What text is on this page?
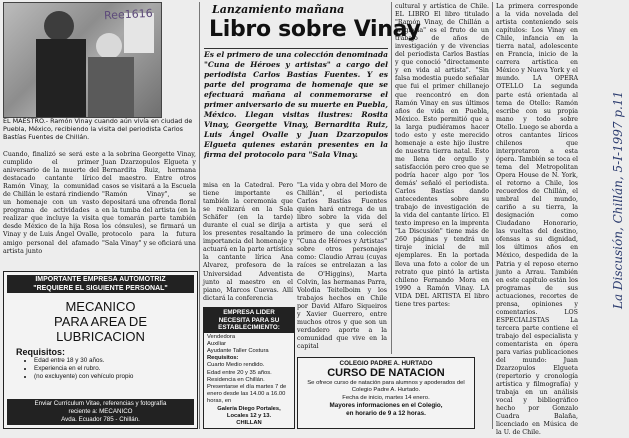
Ree1616
EL MAESTRO.- Ramón Vinay cuando aún vivía en ciudad de Puebla, México, recibiendo la visita del periodista Carlos Bastías Fuentes de Chillán.
Cuando, finalizó se será este cumplido el primer aniversario de la muerte del destacado cantante lírico Ramón Vinay, la comunidad de Chillán le estará rindiendo un homenaje con un vasto programa de actividades a realizar que incluye la visita desde México de la hija Rosa Vinay y de Luis Ángel Ovalle, amigo personal del afamado artista junto
a la sobrina Georgette Vinay, Juan Dzarzopulos Elgueta y Bernardita Ruiz, hermana del maestro. Entre otros casos se visitará a la Escuela "Ramón Vinay", se depositará una ofrenda floral en la tumba del artista (en la que tomarán parte también los cónsules), se firmará un protocolo para la futura "Sala Vinay" y se oficiará una
IMPORTANTE EMPRESA AUTOMOTRIZ
"REQUIERE EL SIGUIENTE PERSONAL"
MECANICO
PARA AREA DE
LUBRICACION
Requisitos:
• Edad entre 18 y 30 años.
• Experiencia en el rubro.
• (no excluyente) con vehículo propio
Enviar Currículum Vitae, referencias y fotografía
reciente a: MECANICO
Avda. Ecuador 785 - Chillán.
Lanzamiento mañana
Libro sobre Vinay
Es el primero de una colección denominada "Cuna de Héroes y artistas" a cargo del periodista Carlos Bastías Fuentes. Y es parte del programa de homenaje que se efectuará mañana al conmemorarse el primer aniversario de su muerte en Puebla, México. Llegan visitas ilustres: Rosita Vinay, Georgette Vinay, Bernardita Ruiz, Luis Ángel Ovalle y Juan Dzarzopulos Elgueta quienes estarán presentes en la firma del protocolo para "Sala Vinay.
misa en la Catedral. Pero tiene importante es también la ceremonia que se realizará en la Sala Schäfer (en la tarde) durante el cual se dirija a los presentes resaltando la importancia del homenaje y actuará en la parte artística la cantante lírica Ana Alvarez, profesora de la Universidad Adventista junto al maestro en el piano, Marcos Cuevas. Allí dictará la conferencia
"La vida y obra del Moro de Chillán", el periodista Carlos Bastías Fuentes quien hará entrega de un libro sobre la vida del artista y que será el primero de una colección "Cuna de Héroes y Artistas" sobre otros personajes como: Claudio Arrau (cuyas raíces se entrelazan a las de O'Higgins), Marta Colvin, las hermanas Parra, Volodia Teitelboim y los trabajos hechos en Chile por David Alfaro Siqueiros y Xavier Guerrero, entre muchos otros y que son un verdadero aporte a la comunidad que vive en la capital
EMPRESA LIDER
NECESITA PARA SU
ESTABLECIMIENTO:
Vendedora
Auxiliar
Ayudante Taller Costura
Requisitos:
Cuarto Medio rendido.
Edad entre 20 y 35 años.
Residencia en Chillán.
Presentarse el día martes 7 de enero desde las 14.00 a 16.00 horas, en
Galería Diego Portales,
Locales 12 y 13.
CHILLAN
COLEGIO PADRE A. HURTADO
CURSO DE NATACION
Se ofrece curso de natación para alumnos y apoderados del Colegio Padre A. Hurtado.
Fecha de inicio, martes 14 enero.
Mayores informaciones en el Colegio,
en horario de 9 a 12 horas.
cultural y artística de Chile. EL LIBRO El libro titulado "Ramón Vinay, de Chillán a la gloria" es el fruto de un trabajo de años de investigación y de vivencias del periodista Carlos Bastías y que conoció "directamente y en vida al artista". "Sin falsa modestia puedo señalar que fui el primer chillanejo que reencontró en don Ramón Vinay en sus últimos años de vida en Puebla, México. Esto permitió que a la larga pudiéramos hacer todo esto y este merecido homenaje a este hijo ilustre de nuestra tierra natal. Esto me llena de orgullo y satisfacción pero creo que se podría hacer algo por 'los demás' señaló el periodista. Carlos Bastías dando antecedentes sobre su trabajo de investigación de la vida del cantante lírico. El texto impreso en la imprenta "La Discusión" tiene más de 260 páginas y tendrá un tiraje inicial de mil ejemplares. En la portada lleva una foto a color de un retrato que pintó la artista chileno Fernando Mora en 1990 a Ramón Vinay. LA VIDA DEL ARTISTA El libro tiene tres partes:
La primera corresponde a la vida novelada del artista conteniendo seis capítulos: Los Vinay en Chile, infancia en la tierra natal, adolescente en Francia, inicio de la carrera artística en México y Nueva York y el mundo. LA OPERA OTELLO La segunda parte está orientada al tema de Otello: Ramón escribe con su propia mano y todo sobre Otello. Luego se aborda a otros cantantes líricos chilenos que interpretaron a esta ópera. También se toca el tema del Metropolitan Opera House de N. York, el retorno a Chile, los recuerdos de Chillán, el umbral del mundo, cariño a su tierra, la designación como Ciudadano Honorario, las vueltas del destino, ofensas a su dignidad, los últimos años en México, despedida de la Patria y el reposo eterno junto a Arrau. También en este capítulo están los programas de sus actuaciones, recortes de prensa, opiniones y comentarios. LOS ESPECIALISTAS La tercera parte contiene el trabajo del especialista y comentarista en ópera para varias publicaciones del mundo: Juan Dzarzopulos Elgueta (repertorio y cronología artística y filmografía) y trabaja en un análisis vocal y bibliográfico hecho por Gonzalo Cuadra Balaña, licenciado en Música de la U. de Chile.
La Discusión, Chillán, 5-I-1997 p.11
